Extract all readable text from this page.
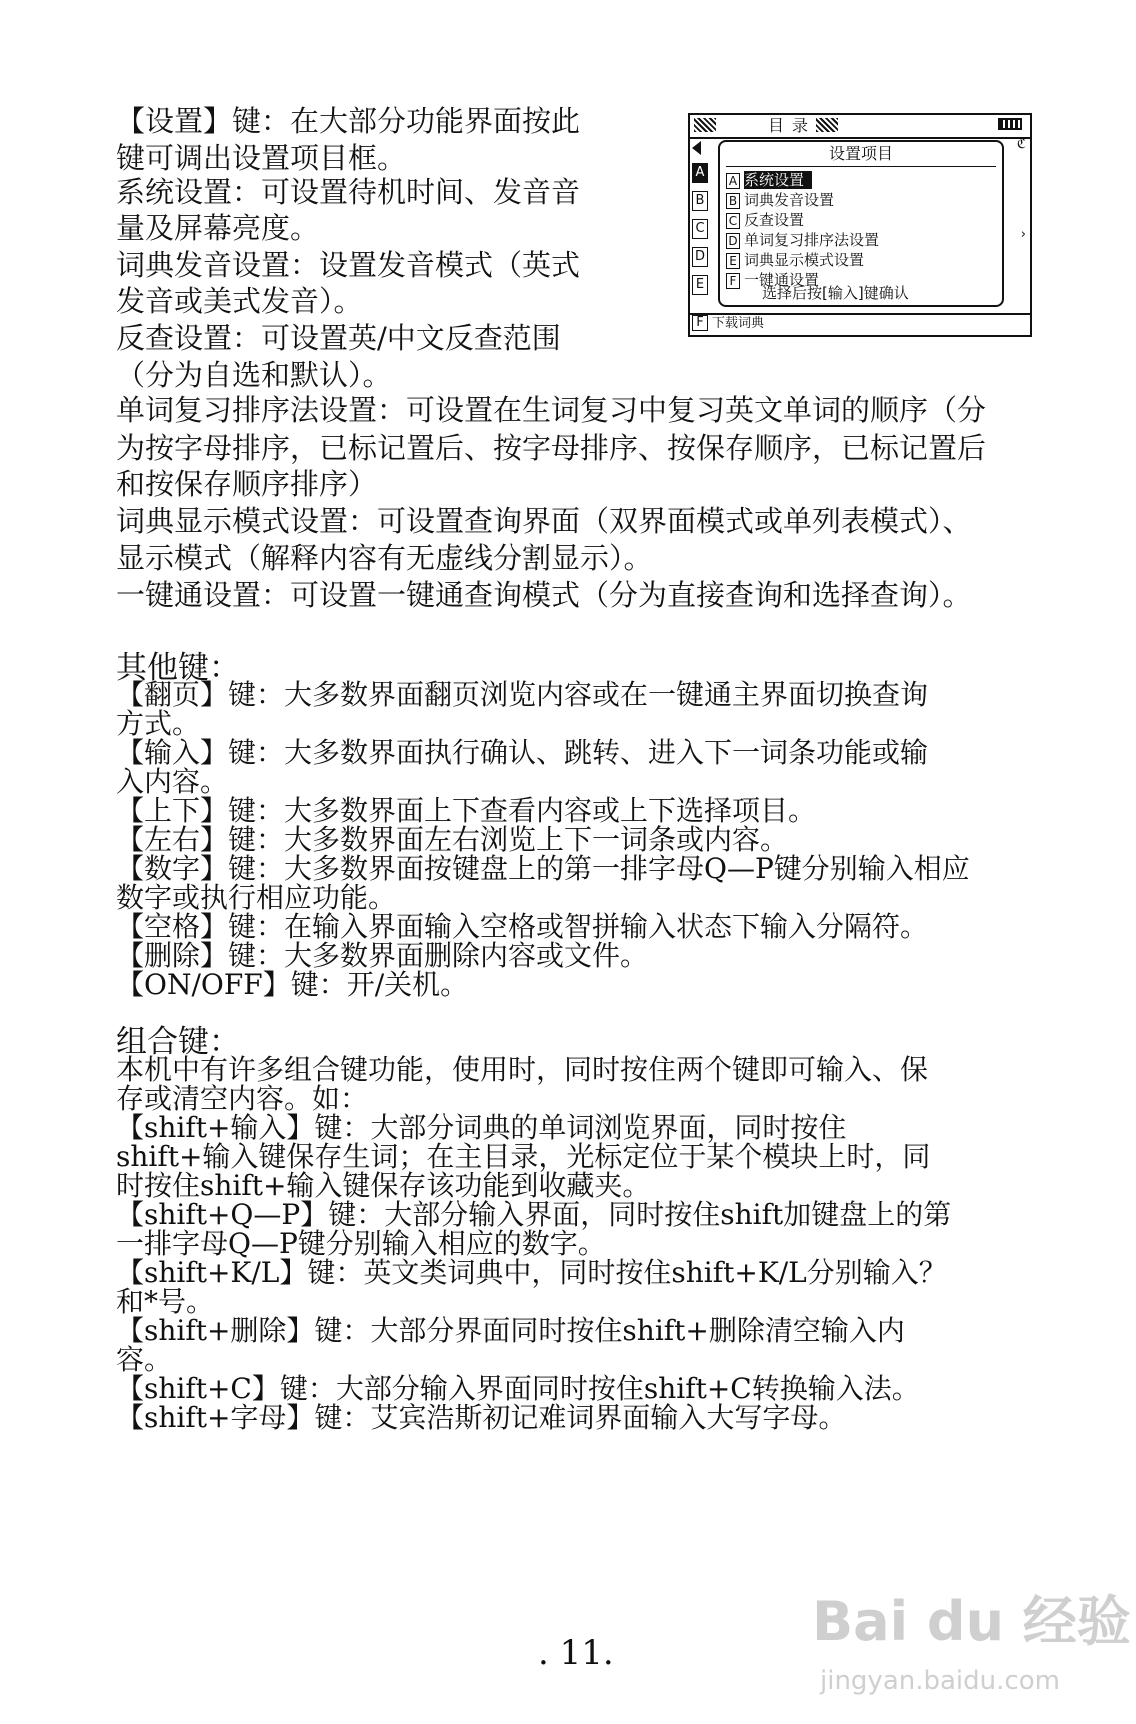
【设置】键：在大部分功能界面按此
键可调出设置项目框。
系统设置：可设置待机时间、发音音
量及屏幕亮度。
词典发音设置：设置发音模式（英式
发音或美式发音）。
反查设置：可设置英/中文反查范围
（分为自选和默认）。
单词复习排序法设置：可设置在生词复习中复习英文单词的顺序（分
为按字母排序，已标记置后、按字母排序、按保存顺序，已标记置后
和按保存顺序排序）
词典显示模式设置：可设置查询界面（双界面模式或单列表模式）、
显示模式（解释内容有无虚线分割显示）。
一键通设置：可设置一键通查询模式（分为直接查询和选择查询）。
目录
A
B
C
D
E
设置项目
A 系统设置
B 词典发音设置
C 反查设置
D 单词复习排序法设置
E 词典显示模式设置
F 一键通设置
选择后按[输入]键确认
ℭ
›
F 下载词典
其他键：
【翻页】键：大多数界面翻页浏览内容或在一键通主界面切换查询
方式。
【输入】键：大多数界面执行确认、跳转、进入下一词条功能或输
入内容。
【上下】键：大多数界面上下查看内容或上下选择项目。
【左右】键：大多数界面左右浏览上下一词条或内容。
【数字】键：大多数界面按键盘上的第一排字母Q—P键分别输入相应
数字或执行相应功能。
【空格】键：在输入界面输入空格或智拼输入状态下输入分隔符。
【删除】键：大多数界面删除内容或文件。
【ON/OFF】键：开/关机。
组合键：
本机中有许多组合键功能，使用时，同时按住两个键即可输入、保
存或清空内容。如：
【shift+输入】键：大部分词典的单词浏览界面，同时按住
shift+输入键保存生词；在主目录，光标定位于某个模块上时，同
时按住shift+输入键保存该功能到收藏夹。
【shift+Q—P】键：大部分输入界面，同时按住shift加键盘上的第
一排字母Q—P键分别输入相应的数字。
【shift+K/L】键：英文类词典中，同时按住shift+K/L分别输入？
和*号。
【shift+删除】键：大部分界面同时按住shift+删除清空输入内
容。
【shift+C】键：大部分输入界面同时按住shift+C转换输入法。
【shift+字母】键：艾宾浩斯初记难词界面输入大写字母。
. 11.	Bai du 经验
jingyan.baidu.com
